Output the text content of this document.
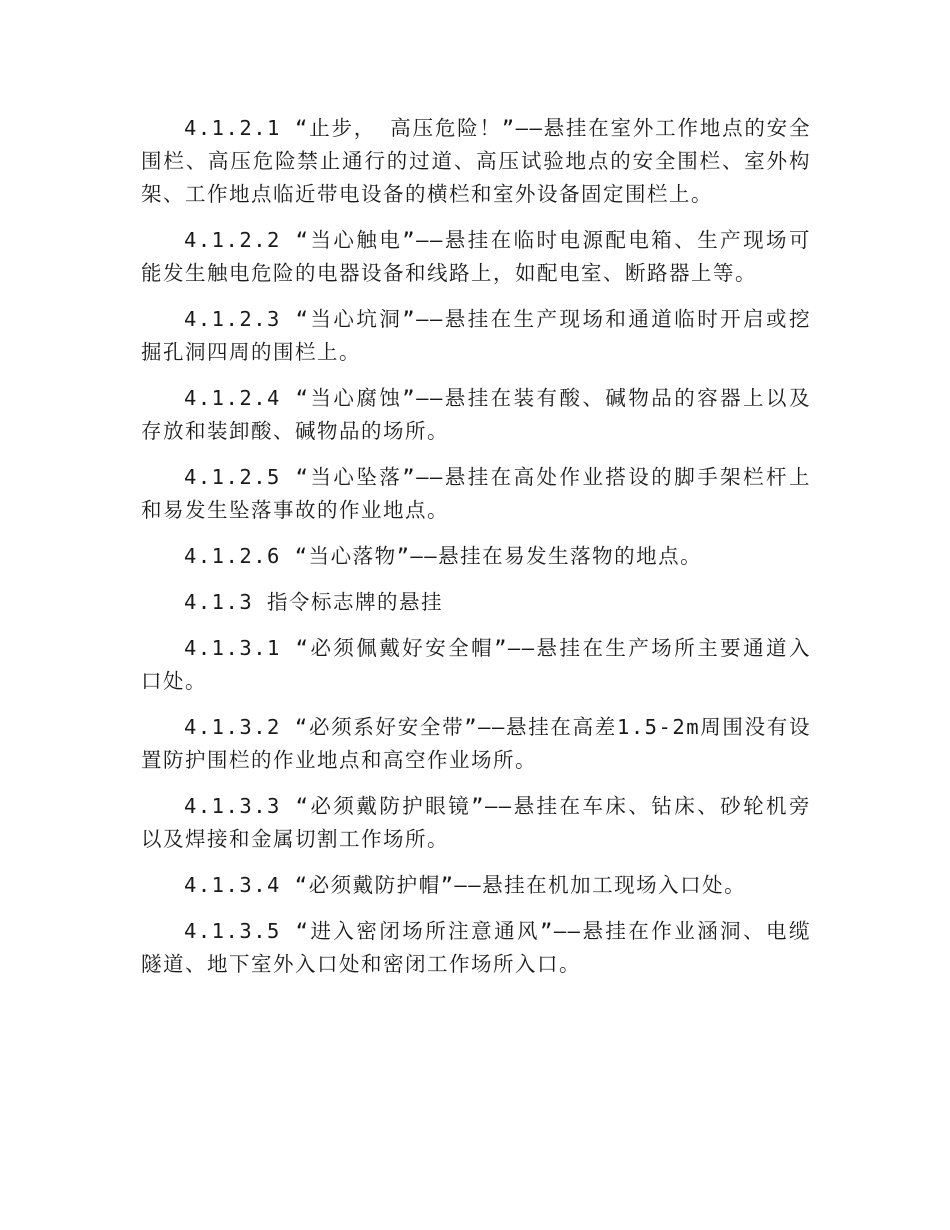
4.1.2.1 “止步， 高压危险！”——悬挂在室外工作地点的安全围栏、高压危险禁止通行的过道、高压试验地点的安全围栏、室外构架、工作地点临近带电设备的横栏和室外设备固定围栏上。

4.1.2.2 “当心触电”——悬挂在临时电源配电箱、生产现场可能发生触电危险的电器设备和线路上，如配电室、断路器上等。

4.1.2.3 “当心坑洞”——悬挂在生产现场和通道临时开启或挖掘孔洞四周的围栏上。

4.1.2.4 “当心腐蚀”——悬挂在装有酸、碱物品的容器上以及存放和装卸酸、碱物品的场所。

4.1.2.5 “当心坠落”——悬挂在高处作业搭设的脚手架栏杆上和易发生坠落事故的作业地点。

4.1.2.6 “当心落物”——悬挂在易发生落物的地点。

4.1.3 指令标志牌的悬挂

4.1.3.1 “必须佩戴好安全帽”——悬挂在生产场所主要通道入口处。

4.1.3.2 “必须系好安全带”——悬挂在高差1.5-2m周围没有设置防护围栏的作业地点和高空作业场所。

4.1.3.3 “必须戴防护眼镜”——悬挂在车床、钻床、砂轮机旁以及焊接和金属切割工作场所。

4.1.3.4 “必须戴防护帽”——悬挂在机加工现场入口处。

4.1.3.5 “进入密闭场所注意通风”——悬挂在作业涵洞、电缆隧道、地下室外入口处和密闭工作场所入口。
